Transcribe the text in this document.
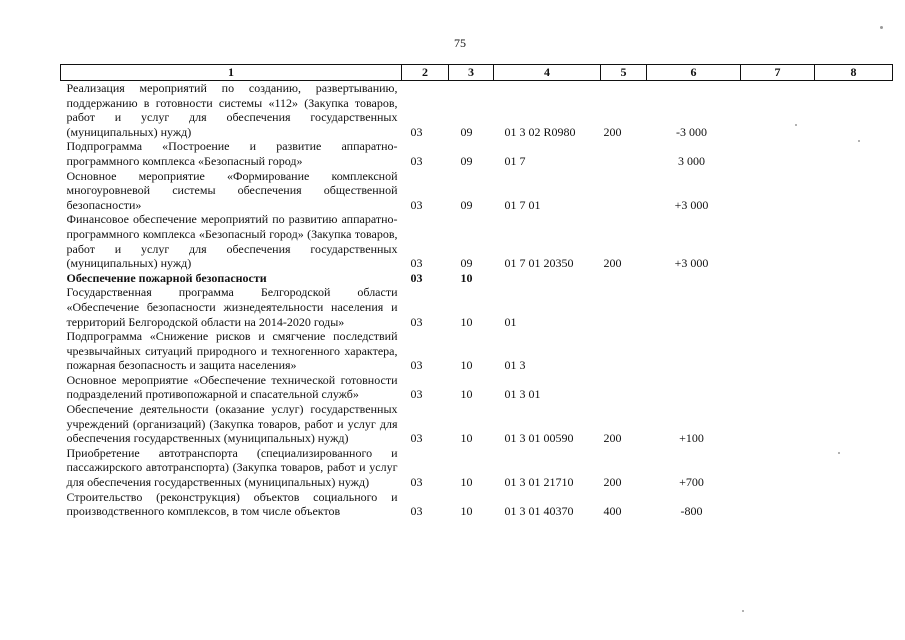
75
1	2	3	4	5	6	7	8
Реализация мероприятий по созданию, развертыванию, поддержанию в готовности системы «112» (Закупка товаров, работ и услуг для обеспечения государственных (муниципальных) нужд)	03	09	01 3 02 R0980	200	-3 000		
Подпрограмма «Построение и развитие аппаратно-программного комплекса «Безопасный город»	03	09	01 7		3 000		
Основное мероприятие «Формирование комплексной многоуровневой системы обеспечения общественной безопасности»	03	09	01 7 01		+3 000		
Финансовое обеспечение мероприятий по развитию аппаратно-программного комплекса «Безопасный город» (Закупка товаров, работ и услуг для обеспечения государственных (муниципальных) нужд)	03	09	01 7 01 20350	200	+3 000		
Обеспечение пожарной безопасности	03	10					
Государственная программа Белгородской области «Обеспечение безопасности жизнедеятельности населения и территорий Белгородской области на 2014-2020 годы»	03	10	01				
Подпрограмма «Снижение рисков и смягчение последствий чрезвычайных ситуаций природного и техногенного характера, пожарная безопасность и защита населения»	03	10	01 3				
Основное мероприятие «Обеспечение технической готовности подразделений противопожарной и спасательной служб»	03	10	01 3 01				
Обеспечение деятельности (оказание услуг) государственных учреждений (организаций) (Закупка товаров, работ и услуг для обеспечения государственных (муниципальных) нужд)	03	10	01 3 01 00590	200	+100		
Приобретение автотранспорта (специализированного и пассажирского автотранспорта) (Закупка товаров, работ и услуг для обеспечения государственных (муниципальных) нужд)	03	10	01 3 01 21710	200	+700		
Строительство (реконструкция) объектов социального и производственного комплексов, в том числе объектов	03	10	01 3 01 40370	400	-800		
